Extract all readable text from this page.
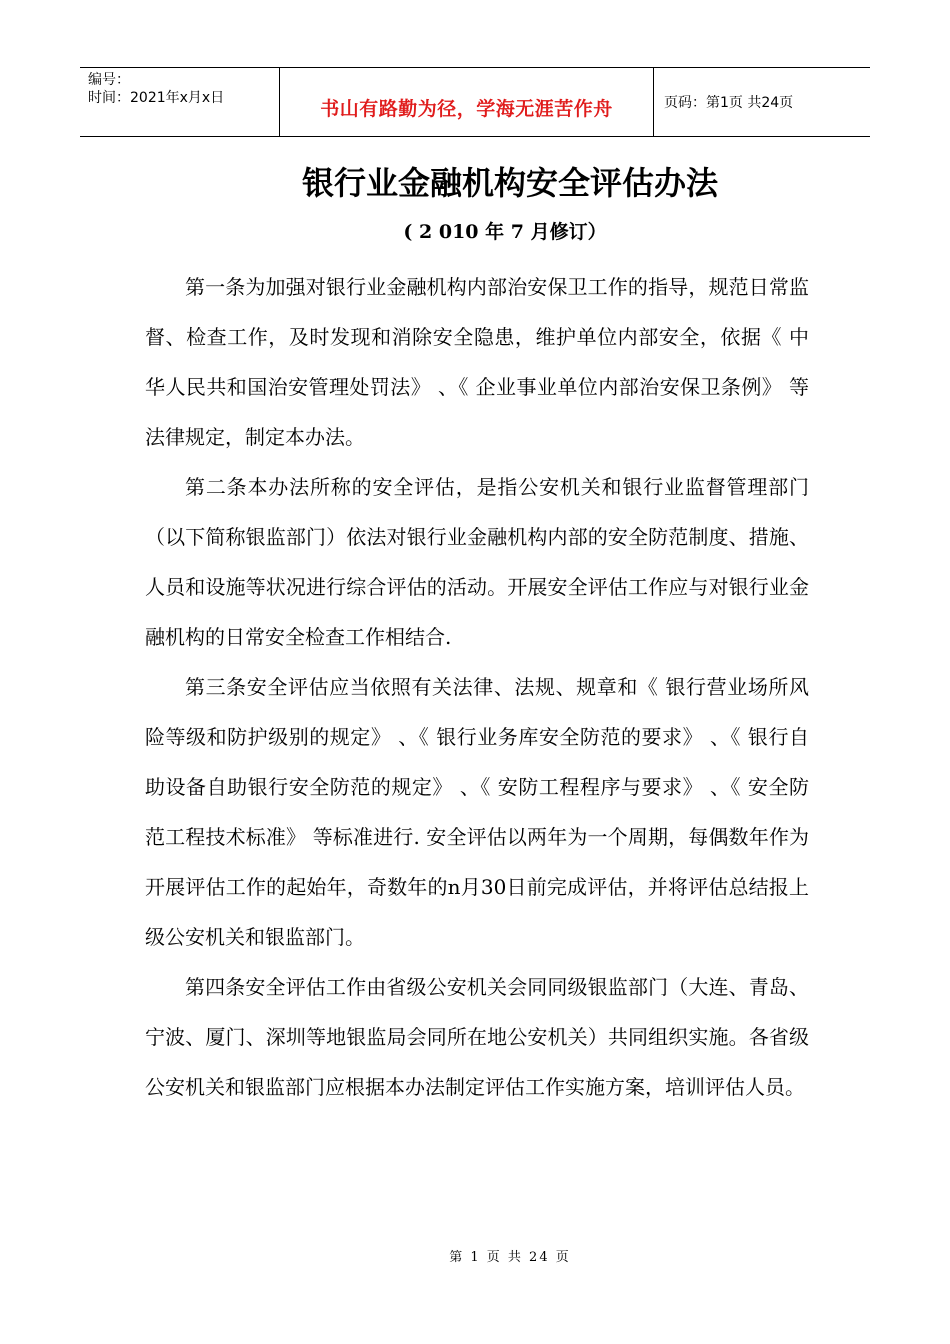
编号：
时间：2021年x月x日	书山有路勤为径，学海无涯苦作舟	页码：第1页 共24页
银行业金融机构安全评估办法
( 2 010 年 7 月修订）

第一条为加强对银行业金融机构内部治安保卫工作的指导，规范日常监督、检查工作，及时发现和消除安全隐患，维护单位内部安全，依据《 中华人民共和国治安管理处罚法》 、《 企业事业单位内部治安保卫条例》 等法律规定，制定本办法。

第二条本办法所称的安全评估，是指公安机关和银行业监督管理部门（以下简称银监部门）依法对银行业金融机构内部的安全防范制度、措施、人员和设施等状况进行综合评估的活动。开展安全评估工作应与对银行业金融机构的日常安全检查工作相结合.

第三条安全评估应当依照有关法律、法规、规章和《 银行营业场所风险等级和防护级别的规定》 、《 银行业务库安全防范的要求》 、《 银行自助设备自助银行安全防范的规定》 、《 安防工程程序与要求》 、《 安全防范工程技术标准》 等标准进行. 安全评估以两年为一个周期，每偶数年作为开展评估工作的起始年，奇数年的n月30日前完成评估，并将评估总结报上级公安机关和银监部门。

第四条安全评估工作由省级公安机关会同同级银监部门（大连、青岛、宁波、厦门、深圳等地银监局会同所在地公安机关）共同组织实施。各省级公安机关和银监部门应根据本办法制定评估工作实施方案，培训评估人员。

第 1 页 共 24 页
